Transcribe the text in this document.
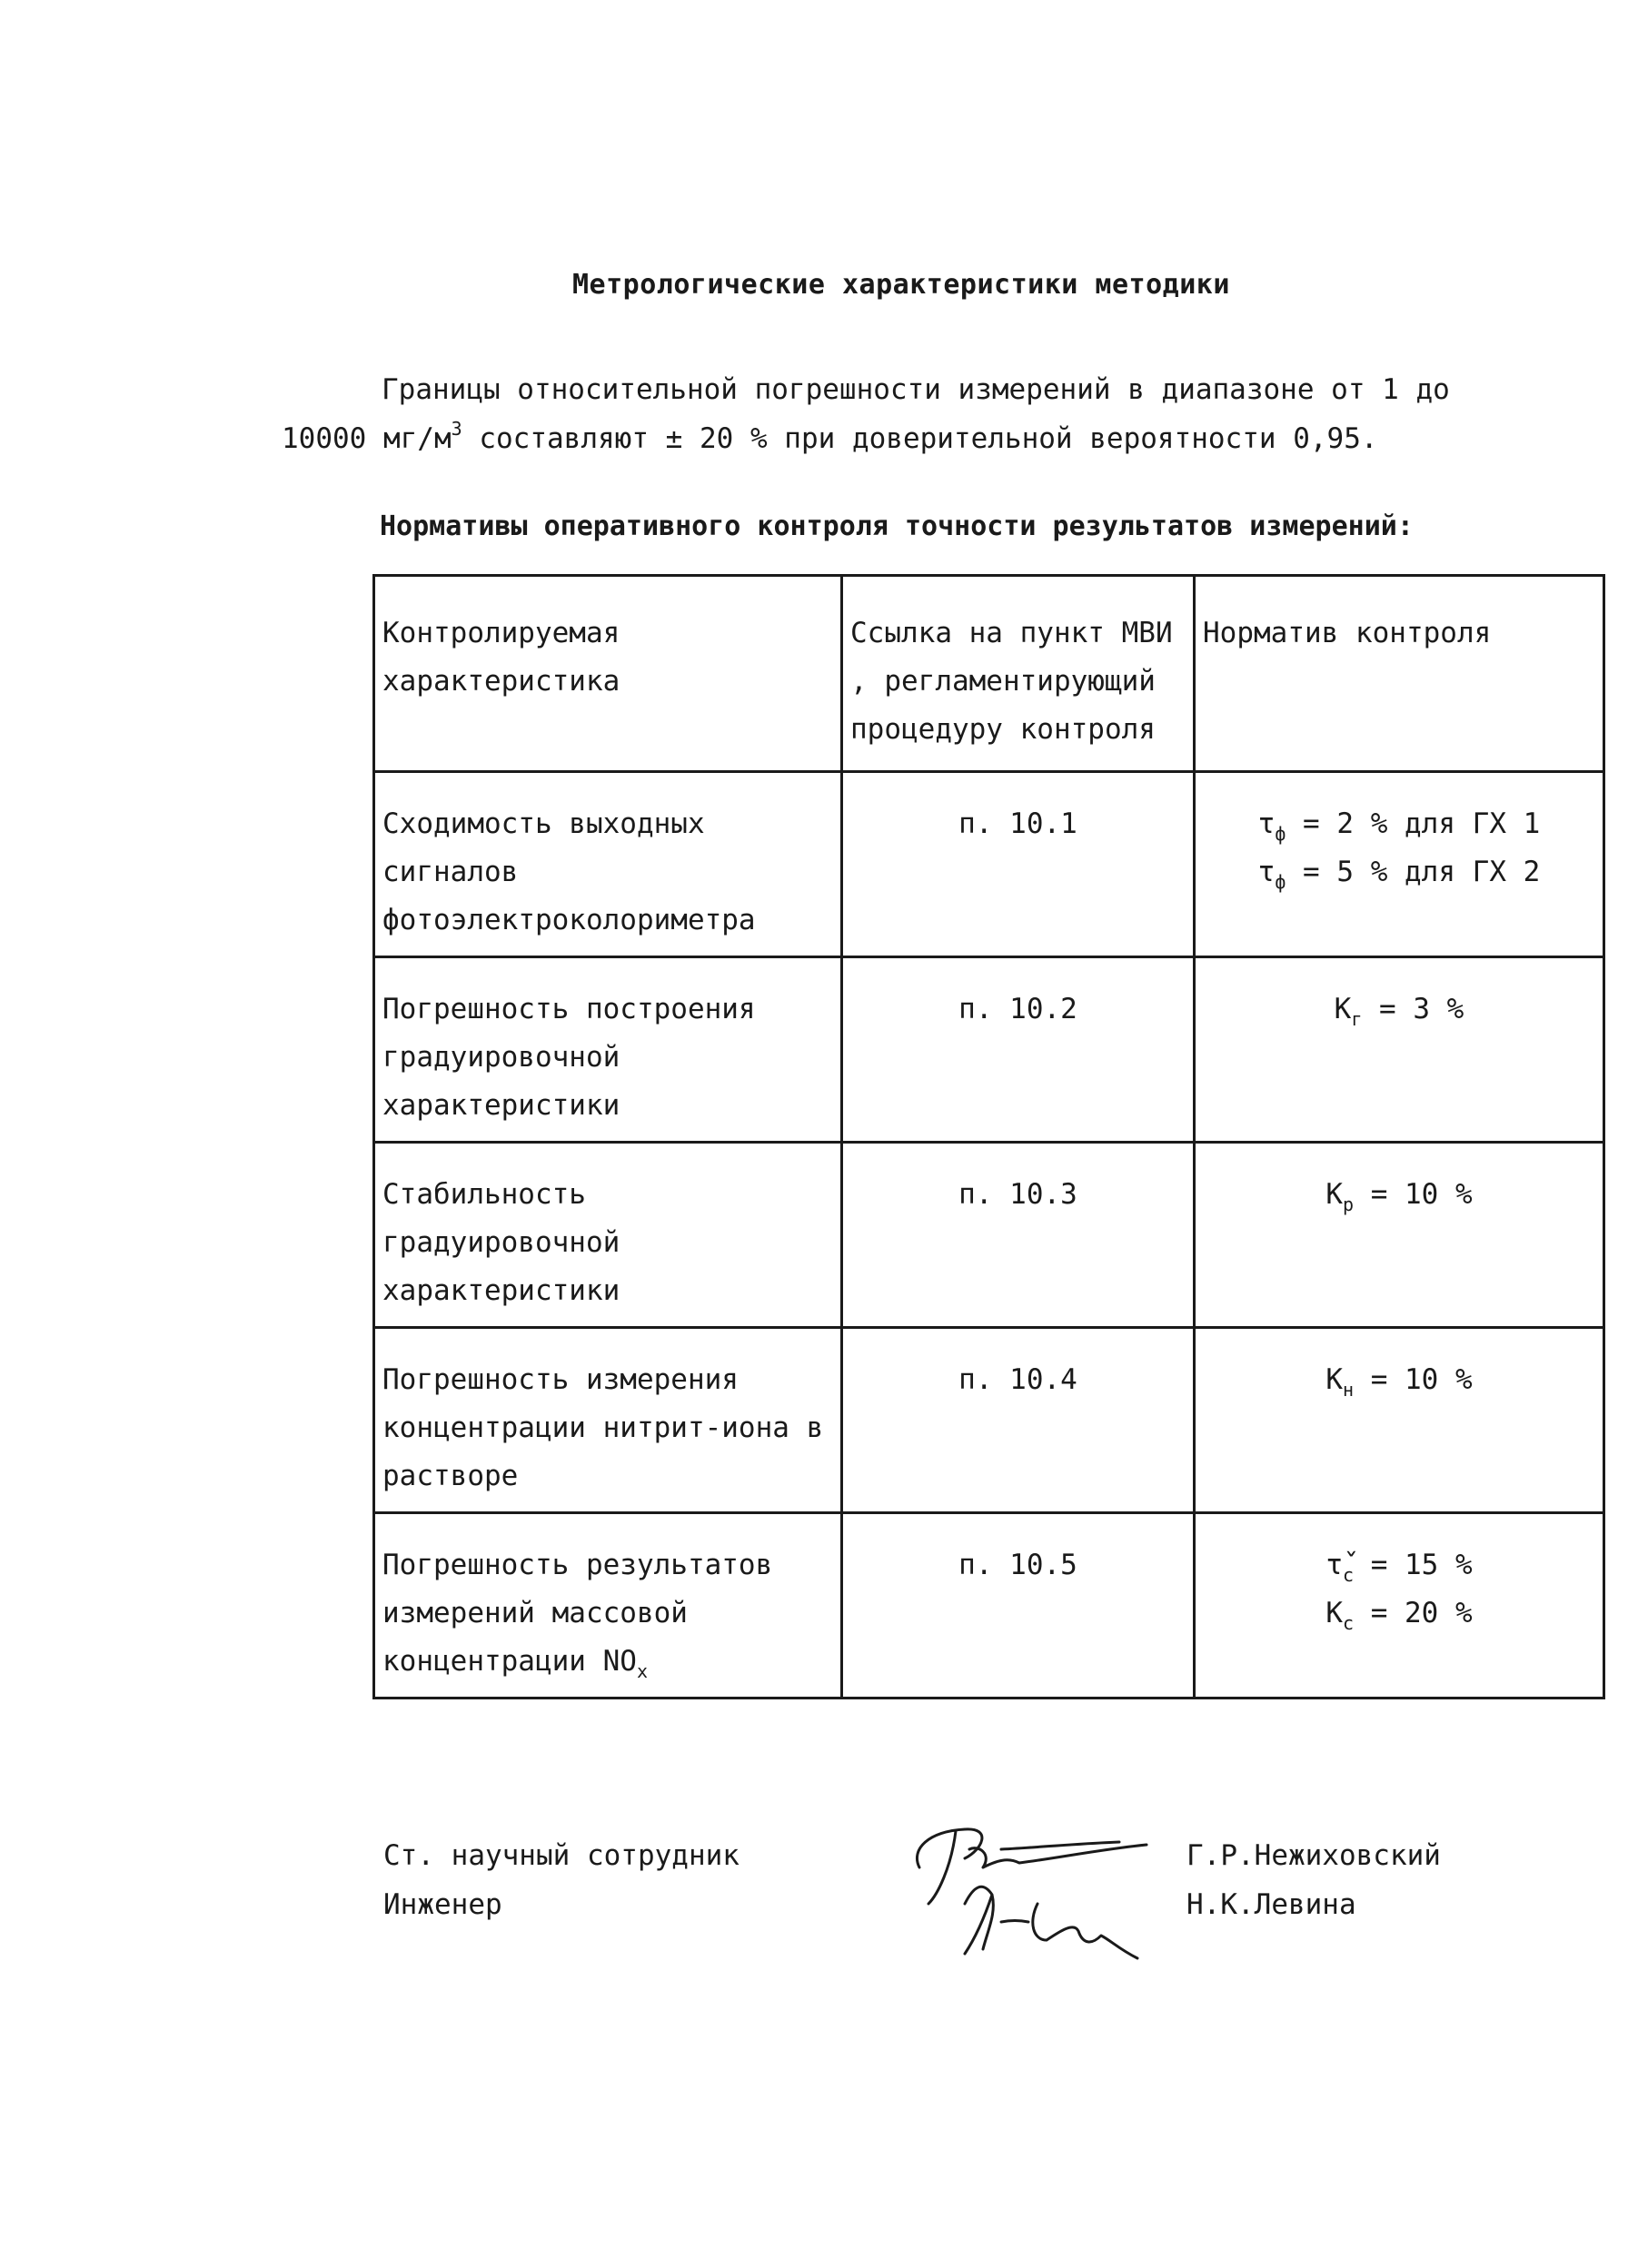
Метрологические характеристики методики
Границы относительной погрешности измерений в диапазоне от 1 до
10000 $мг/м^3$ составляют ± 20 % при доверительной вероятности 0,95.
Нормативы оперативного контроля точности результатов измерений:
Контролируемая характеристика	Ссылка на пункт МВИ , регламентирующий процедуру контроля	Норматив контроля
Сходимость выходных сигналов фотоэлектроколориметра	п. 10.1	$\tau_ф = 2$ % для ГХ 1
$\tau_ф = 5$ % для ГХ 2

Погрешность построения градуировочной характеристики	п. 10.2	$К_г = 3$ %

Стабильность градуировочной характеристики	п. 10.3	$К_р = 10$ %

Погрешность измерения концентрации нитрит-иона в растворе	п. 10.4	$К_н = 10$ %

Погрешность результатов измерений массовой концентрации $NO_х$	п. 10.5	$\taǔ_с = 15$ %
$К_с = 20$ %
Ст. научный сотрудник
Инженер
Г.Р.Нежиховский
Н.К.Левина
